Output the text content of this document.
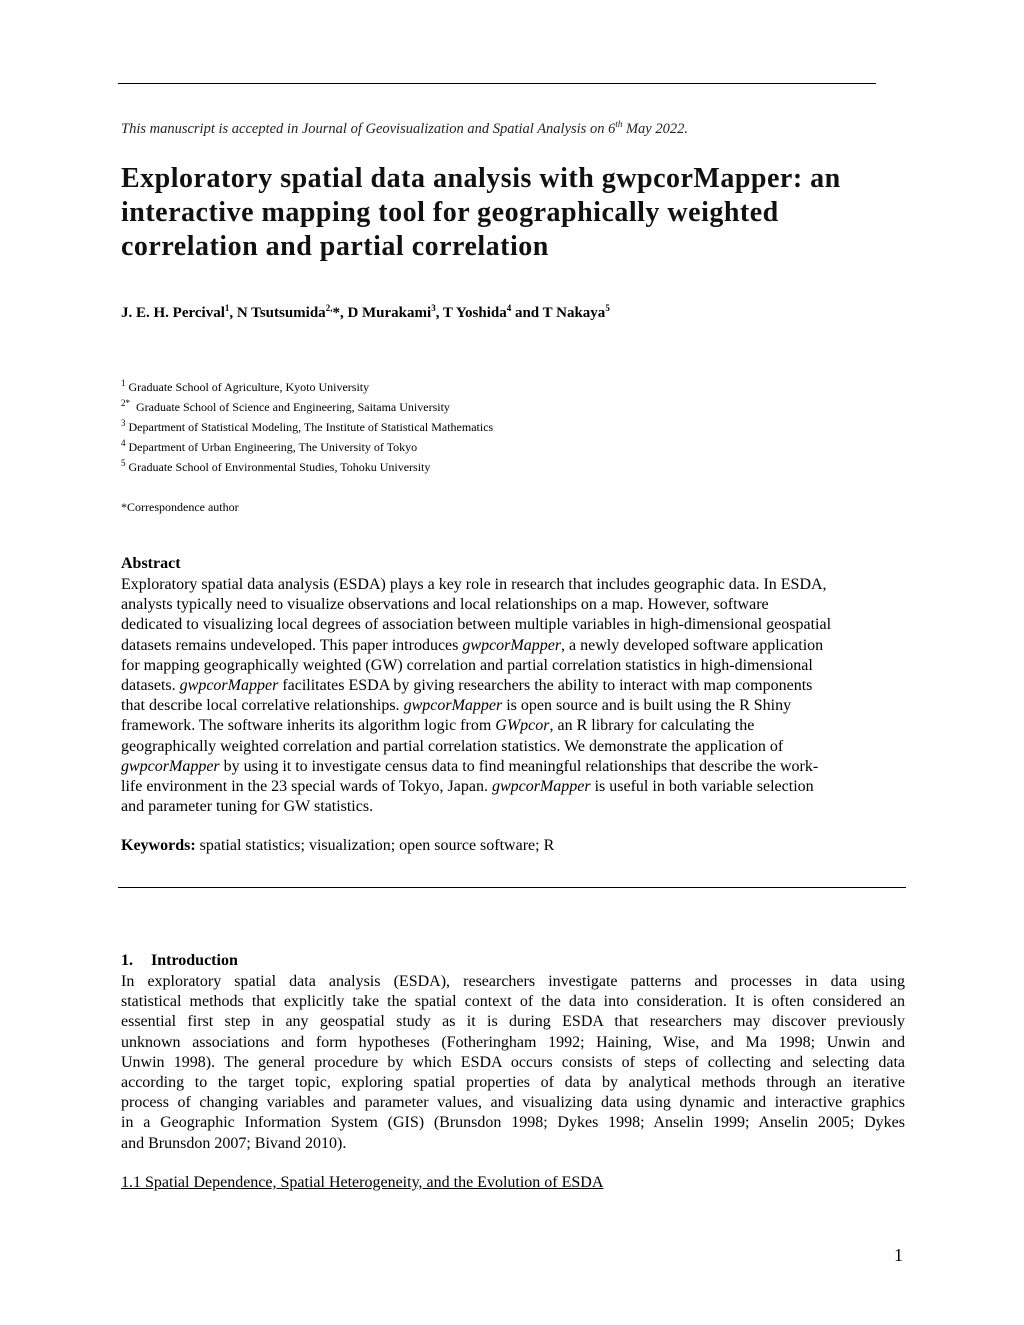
This manuscript is accepted in Journal of Geovisualization and Spatial Analysis on 6th May 2022.
Exploratory spatial data analysis with gwpcorMapper: an
interactive mapping tool for geographically weighted
correlation and partial correlation
J. E. H. Percival$^1$, N Tsutsumida$^{2,}$*, D Murakami$^3$, T Yoshida$^4$ and T Nakaya$^5$
$^1$ Graduate School of Agriculture, Kyoto University
$^{2*}$  Graduate School of Science and Engineering, Saitama University
$^3$ Department of Statistical Modeling, The Institute of Statistical Mathematics
$^4$ Department of Urban Engineering, The University of Tokyo
$^5$ Graduate School of Environmental Studies, Tohoku University
*Correspondence author
Abstract
Exploratory spatial data analysis (ESDA) plays a key role in research that includes geographic data. In ESDA,
analysts typically need to visualize observations and local relationships on a map. However, software
dedicated to visualizing local degrees of association between multiple variables in high-dimensional geospatial
datasets remains undeveloped. This paper introduces gwpcorMapper, a newly developed software application
for mapping geographically weighted (GW) correlation and partial correlation statistics in high-dimensional
datasets. gwpcorMapper facilitates ESDA by giving researchers the ability to interact with map components
that describe local correlative relationships. gwpcorMapper is open source and is built using the R Shiny
framework. The software inherits its algorithm logic from GWpcor, an R library for calculating the
geographically weighted correlation and partial correlation statistics. We demonstrate the application of
gwpcorMapper by using it to investigate census data to find meaningful relationships that describe the work-
life environment in the 23 special wards of Tokyo, Japan. gwpcorMapper is useful in both variable selection
and parameter tuning for GW statistics.
Keywords: spatial statistics; visualization; open source software; R
1. Introduction
In exploratory spatial data analysis (ESDA), researchers investigate patterns and processes in data using
statistical methods that explicitly take the spatial context of the data into consideration. It is often considered an
essential first step in any geospatial study as it is during ESDA that researchers may discover previously
unknown associations and form hypotheses (Fotheringham 1992; Haining, Wise, and Ma 1998; Unwin and
Unwin 1998). The general procedure by which ESDA occurs consists of steps of collecting and selecting data
according to the target topic, exploring spatial properties of data by analytical methods through an iterative
process of changing variables and parameter values, and visualizing data using dynamic and interactive graphics
in a Geographic Information System (GIS) (Brunsdon 1998; Dykes 1998; Anselin 1999; Anselin 2005; Dykes
and Brunsdon 2007; Bivand 2010).
1.1 Spatial Dependence, Spatial Heterogeneity, and the Evolution of ESDA
1
